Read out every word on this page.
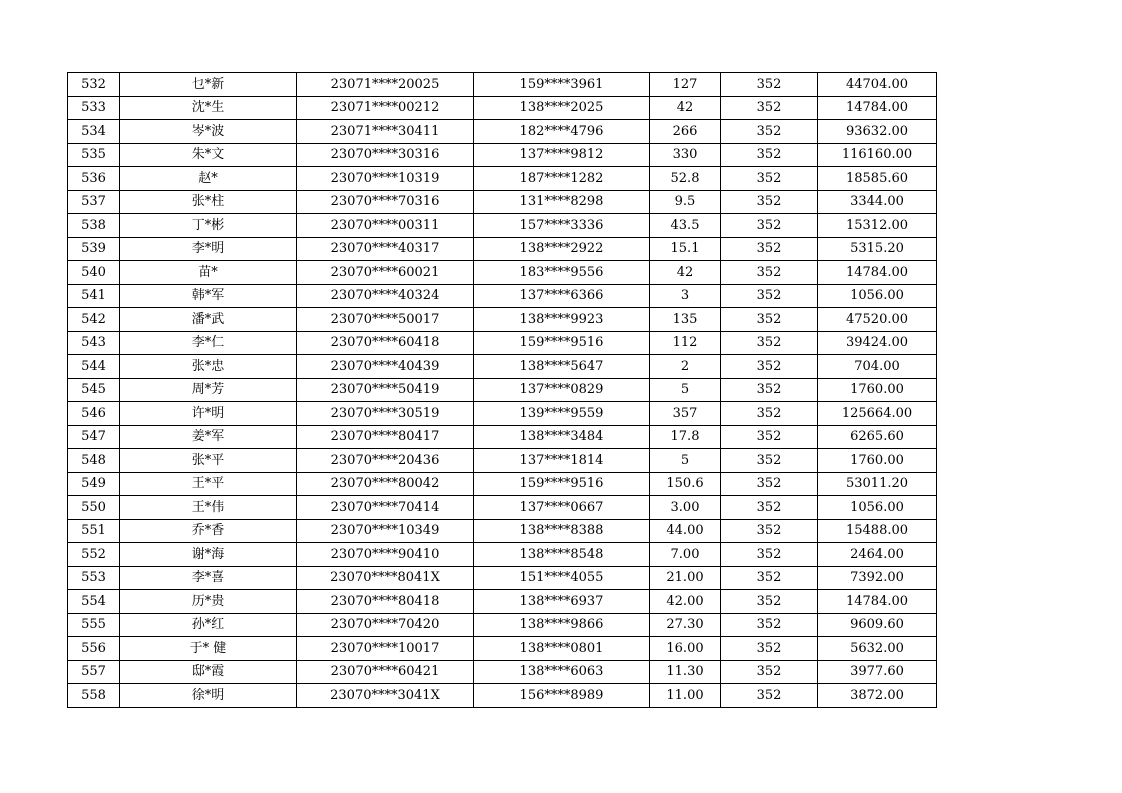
532	乜*新	23071****20025	159****3961	127	352	44704.00
533	沈*生	23071****00212	138****2025	42	352	14784.00
534	岑*波	23071****30411	182****4796	266	352	93632.00
535	朱*文	23070****30316	137****9812	330	352	116160.00
536	赵*	23070****10319	187****1282	52.8	352	18585.60
537	张*柱	23070****70316	131****8298	9.5	352	3344.00
538	丁*彬	23070****00311	157****3336	43.5	352	15312.00
539	李*明	23070****40317	138****2922	15.1	352	5315.20
540	苗*	23070****60021	183****9556	42	352	14784.00
541	韩*军	23070****40324	137****6366	3	352	1056.00
542	潘*武	23070****50017	138****9923	135	352	47520.00
543	李*仁	23070****60418	159****9516	112	352	39424.00
544	张*忠	23070****40439	138****5647	2	352	704.00
545	周*芳	23070****50419	137****0829	5	352	1760.00
546	许*明	23070****30519	139****9559	357	352	125664.00
547	姜*军	23070****80417	138****3484	17.8	352	6265.60
548	张*平	23070****20436	137****1814	5	352	1760.00
549	王*平	23070****80042	159****9516	150.6	352	53011.20
550	王*伟	23070****70414	137****0667	3.00	352	1056.00
551	乔*香	23070****10349	138****8388	44.00	352	15488.00
552	谢*海	23070****90410	138****8548	7.00	352	2464.00
553	李*喜	23070****8041X	151****4055	21.00	352	7392.00
554	历*贵	23070****80418	138****6937	42.00	352	14784.00
555	孙*红	23070****70420	138****9866	27.30	352	9609.60
556	于* 健	23070****10017	138****0801	16.00	352	5632.00
557	邸*霞	23070****60421	138****6063	11.30	352	3977.60
558	徐*明	23070****3041X	156****8989	11.00	352	3872.00
